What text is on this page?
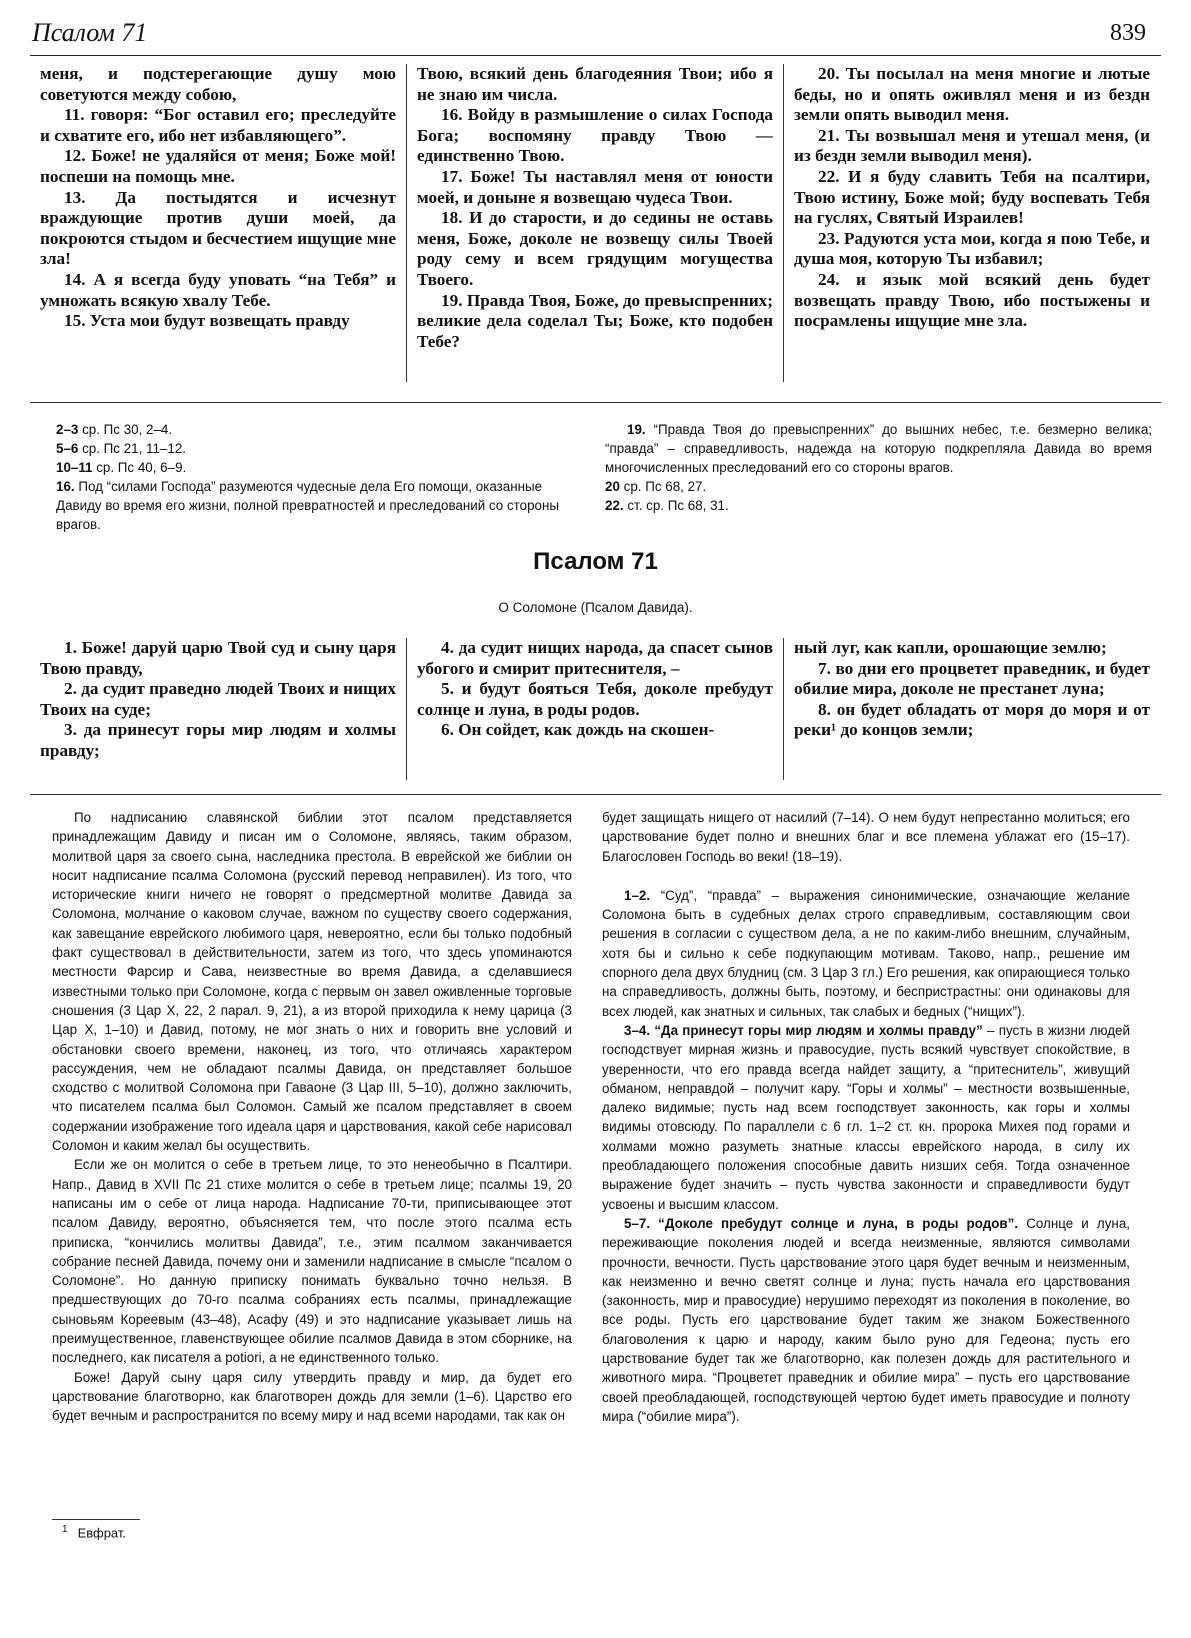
Псалом 71	839

меня, и подстерегающие душу мою советуются между собою,

11. говоря: “Бог оставил его; преследуйте и схватите его, ибо нет избавляющего”.

12. Боже! не удаляйся от меня; Боже мой! поспеши на помощь мне.

13. Да постыдятся и исчезнут враждующие против души моей, да покроются стыдом и бесчестием ищущие мне зла!

14. А я всегда буду уповать “на Тебя” и умножать всякую хвалу Тебе.

15. Уста мои будут возвещать правду

Твою, всякий день благодеяния Твои; ибо я не знаю им числа.

16. Войду в размышление о силах Господа Бога; воспомяну правду Твою — единственно Твою.

17. Боже! Ты наставлял меня от юности моей, и доныне я возвещаю чудеса Твои.

18. И до старости, и до седины не оставь меня, Боже, доколе не возвещу силы Твоей роду сему и всем грядущим могущества Твоего.

19. Правда Твоя, Боже, до превыспренних; великие дела соделал Ты; Боже, кто подобен Тебе?

20. Ты посылал на меня многие и лютые беды, но и опять оживлял меня и из бездн земли опять выводил меня.

21. Ты возвышал меня и утешал меня, (и из бездн земли выводил меня).

22. И я буду славить Тебя на псалтири, Твою истину, Боже мой; буду воспевать Тебя на гуслях, Святый Израилев!

23. Радуются уста мои, когда я пою Тебе, и душа моя, которую Ты избавил;

24. и язык мой всякий день будет возвещать правду Твою, ибо постыжены и посрамлены ищущие мне зла.

2–3 ср. Пс 30, 2–4.

5–6 ср. Пс 21, 11–12.

10–11 ср. Пс 40, 6–9.

16. Под “силами Господа” разумеются чудесные дела Его помощи, оказанные Давиду во время его жизни, полной превратностей и преследований со стороны врагов.

19. “Правда Твоя до превыспренних” до вышних небес, т.е. безмерно велика; “правда” – справедливость, надежда на которую подкрепляла Давида во время многочисленных преследований его со стороны врагов.

20 ср. Пс 68, 27.

22. ст. ср. Пс 68, 31.

Псалом 71
О Соломоне (Псалом Давида).

1. Боже! даруй царю Твой суд и сыну царя Твою правду,

2. да судит праведно людей Твоих и нищих Твоих на суде;

3. да принесут горы мир людям и холмы правду;

4. да судит нищих народа, да спасет сынов убогого и смирит притеснителя, –

5. и будут бояться Тебя, доколе пребудут солнце и луна, в роды родов.

6. Он сойдет, как дождь на скошен-

ный луг, как капли, орошающие землю;

7. во дни его процветет праведник, и будет обилие мира, доколе не престанет луна;

8. он будет обладать от моря до моря и от реки¹ до концов земли;

По надписанию славянской библии этот псалом представляется принадлежащим Давиду и писан им о Соломоне, являясь, таким образом, молитвой царя за своего сына, наследника престола. В еврейской же библии он носит надписание псалма Соломона (русский перевод неправилен). Из того, что исторические книги ничего не говорят о предсмертной молитве Давида за Соломона, молчание о каковом случае, важном по существу своего содержания, как завещание еврейского любимого царя, невероятно, если бы только подобный факт существовал в действительности, затем из того, что здесь упоминаются местности Фарсир и Сава, неизвестные во время Давида, а сделавшиеся известными только при Соломоне, когда с первым он завел оживленные торговые сношения (3 Цар X, 22, 2 парал. 9, 21), а из второй приходила к нему царица (3 Цар X, 1–10) и Давид, потому, не мог знать о них и говорить вне условий и обстановки своего времени, наконец, из того, что отличаясь характером рассуждения, чем не обладают псалмы Давида, он представляет большое сходство с молитвой Соломона при Гаваоне (3 Цар III, 5–10), должно заключить, что писателем псалма был Соломон. Самый же псалом представляет в своем содержании изображение того идеала царя и царствования, какой себе нарисовал Соломон и каким желал бы осуществить.

Если же он молится о себе в третьем лице, то это ненеобычно в Псалтири. Напр., Давид в XVII Пс 21 стихе молится о себе в третьем лице; псалмы 19, 20 написаны им о себе от лица народа. Надписание 70-ти, приписывающее этот псалом Давиду, вероятно, объясняется тем, что после этого псалма есть приписка, “кончились молитвы Давида”, т.е., этим псалмом заканчивается собрание песней Давида, почему они и заменили надписание в смысле “псалом о Соломоне”. Но данную приписку понимать буквально точно нельзя. В предшествующих до 70-го псалма собраниях есть псалмы, принадлежащие сыновьям Кореевым (43–48), Асафу (49) и это надписание указывает лишь на преимущественное, главенствующее обилие псалмов Давида в этом сборнике, на последнего, как писателя a potiori, а не единственного только.

Боже! Даруй сыну царя силу утвердить правду и мир, да будет его царствование благотворно, как благотворен дождь для земли (1–6). Царство его будет вечным и распространится по всему миру и над всеми народами, так как он

будет защищать нищего от насилий (7–14). О нем будут непрестанно молиться; его царствование будет полно и внешних благ и все племена ублажат его (15–17). Благословен Господь во веки! (18–19).

1–2. “Суд”, “правда” – выражения синонимические, означающие желание Соломона быть в судебных делах строго справедливым, составляющим свои решения в согласии с существом дела, а не по каким-либо внешним, случайным, хотя бы и сильно к себе подкупающим мотивам. Таково, напр., решение им спорного дела двух блудниц (см. 3 Цар 3 гл.) Его решения, как опирающиеся только на справедливость, должны быть, поэтому, и беспристрастны: они одинаковы для всех людей, как знатных и сильных, так слабых и бедных (“нищих”).

3–4. “Да принесут горы мир людям и холмы правду” – пусть в жизни людей господствует мирная жизнь и правосудие, пусть всякий чувствует спокойствие, в уверенности, что его правда всегда найдет защиту, а “притеснитель”, живущий обманом, неправдой – получит кару. “Горы и холмы” – местности возвышенные, далеко видимые; пусть над всем господствует законность, как горы и холмы видимы отовсюду. По параллели с 6 гл. 1–2 ст. кн. пророка Михея под горами и холмами можно разуметь знатные классы еврейского народа, в силу их преобладающего положения способные давить низших себя. Тогда означенное выражение будет значить – пусть чувства законности и справедливости будут усвоены и высшим классом.

5–7. “Доколе пребудут солнце и луна, в роды родов”. Солнце и луна, переживающие поколения людей и всегда неизменные, являются символами прочности, вечности. Пусть царствование этого царя будет вечным и неизменным, как неизменно и вечно светят солнце и луна; пусть начала его царствования (законность, мир и правосудие) нерушимо переходят из поколения в поколение, во все роды. Пусть его царствование будет таким же знаком Божественного благоволения к царю и народу, каким было руно для Гедеона; пусть его царствование будет так же благотворно, как полезен дождь для растительного и животного мира. “Процветет праведник и обилие мира” – пусть его царствование своей преобладающей, господствующей чертою будет иметь правосудие и полноту мира (“обилие мира”).

$^1$ Евфрат.
